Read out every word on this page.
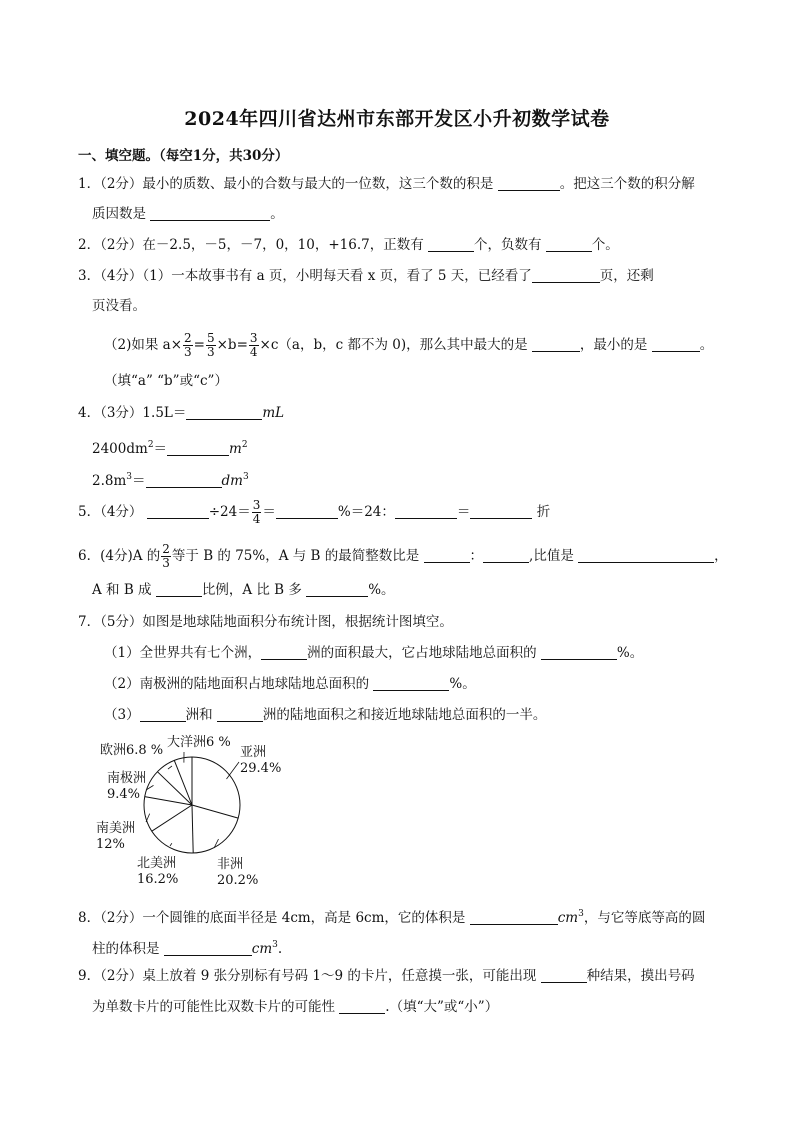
2024年四川省达州市东部开发区小升初数学试卷
一、填空题。（每空1分，共30分）
1．（2分）最小的质数、最小的合数与最大的一位数，这三个数的积是	。把这三个数的积分解
质因数是	。
2．（2分）在－2.5，－5，－7，0，10，+16.7，正数有	个，负数有	个。
3．（4分）（1）一本故事书有 a 页，小明每天看 x 页，看了 5 天，已经看了	页，还剩
页没看。
（2)如果 $a\times \frac{2}{3} = \frac{5}{3} \times b= \frac{3}{4} \times c(a$，b，c 都不为 0)，那么其中最大的是	，最小的是	。
（填“a” “b”或“c”）
4．（3分）1.5L＝	mL
$2400dm^2=$	$m^2$
$2.8m^3=$	$dm^3$
5．（4分）	$\div 24= \frac{3}{4}$ ＝	%＝24：	＝	折
6．(4分)A 的 $\frac{2}{3}$ 等于 B 的 75%，A 与 B 的最简整数比是	：	,比值是	，
A 和 B 成	比例，A 比 B 多	%。
7．（5分）如图是地球陆地面积分布统计图，根据统计图填空。
（1）全世界共有七个洲，	洲的面积最大，它占地球陆地总面积的	%。
（2）南极洲的陆地面积占地球陆地总面积的	%。
（3）	洲和	洲的陆地面积之和接近地球陆地总面积的一半。
亚洲
29.4%
非洲
20.2%
北美洲
16.2%
南美洲
12%
南极洲
9.4%
欧洲6.8 %
大洋洲6 %
8．（2分）一个圆锥的底面半径是 4cm，高是 6cm，它的体积是	$cm^3$，与它等底等高的圆
柱的体积是	$cm^3$.
9．（2分）桌上放着 9 张分别标有号码 1～9 的卡片，任意摸一张，可能出现	种结果，摸出号码
为单数卡片的可能性比双数卡片的可能性	.（填“大”或“小”）
